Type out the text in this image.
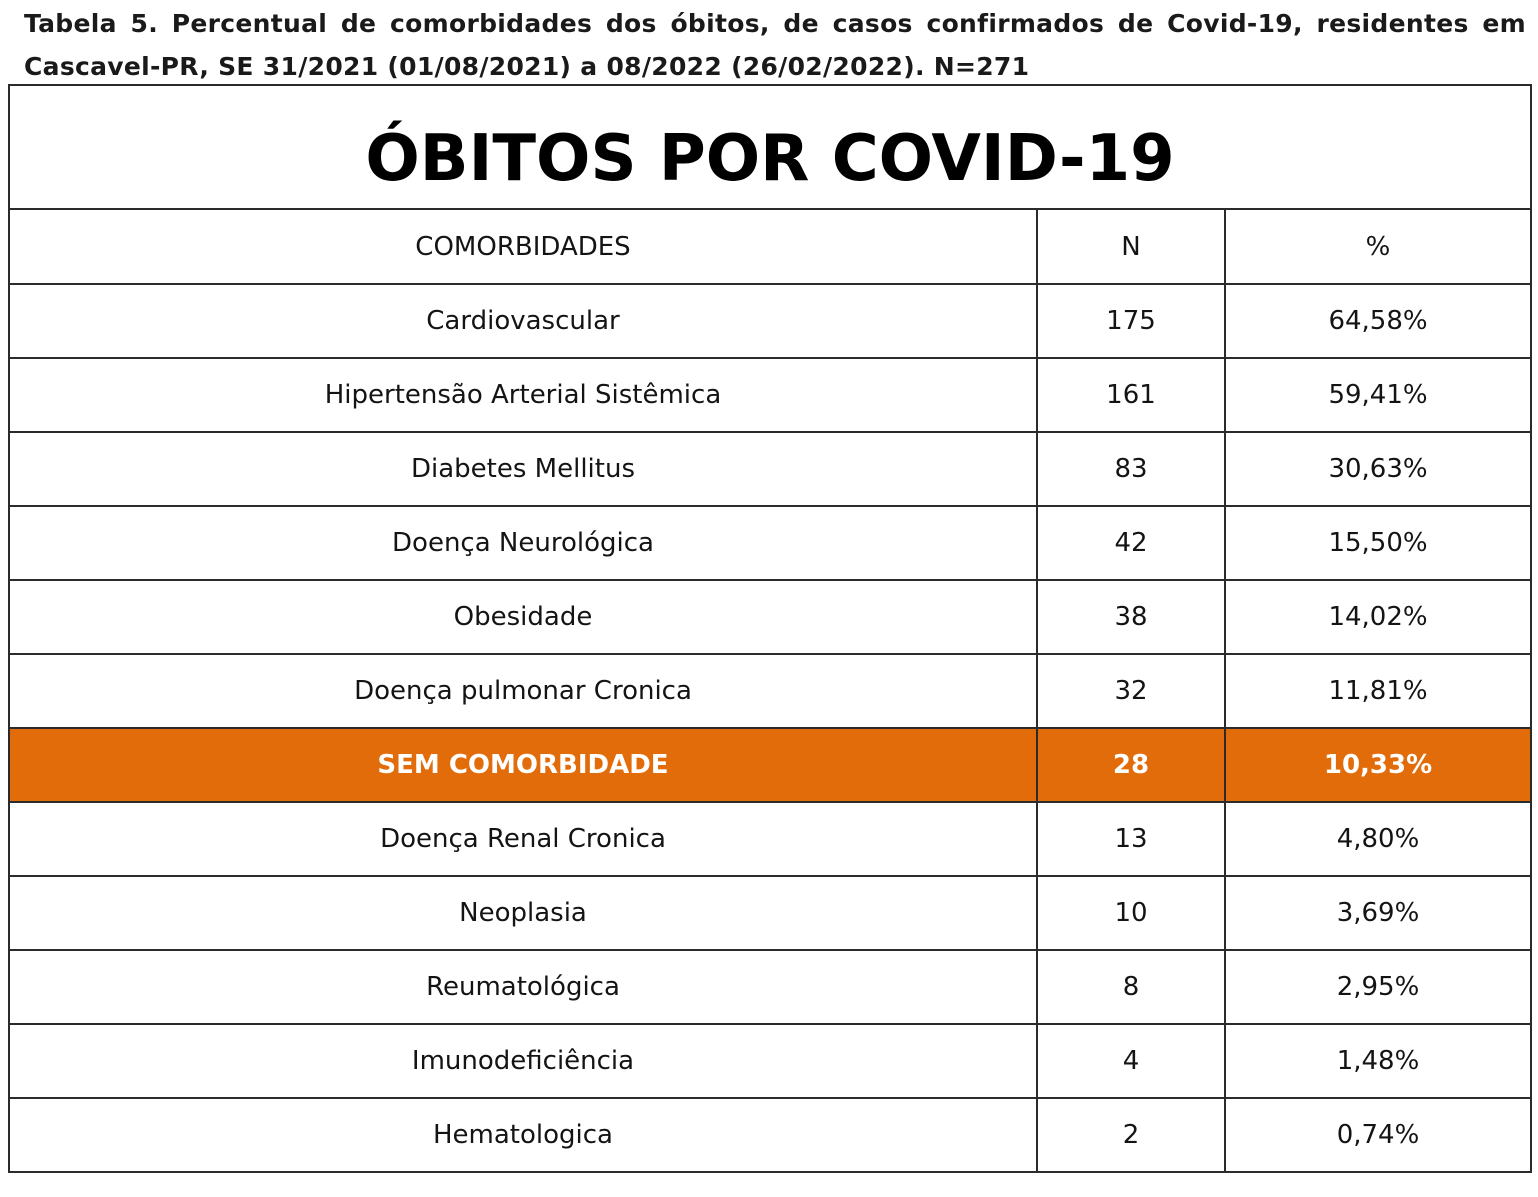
Tabela 5. Percentual de comorbidades dos óbitos, de casos confirmados de Covid-19, residentes em Cascavel-PR, SE 31/2021 (01/08/2021) a 08/2022 (26/02/2022). N=271
ÓBITOS POR COVID-19		
COMORBIDADES	N	%
Cardiovascular	175	64,58%
Hipertensão Arterial Sistêmica	161	59,41%
Diabetes Mellitus	83	30,63%
Doença Neurológica	42	15,50%
Obesidade	38	14,02%
Doença pulmonar Cronica	32	11,81%
SEM COMORBIDADE	28	10,33%
Doença Renal Cronica	13	4,80%
Neoplasia	10	3,69%
Reumatológica	8	2,95%
Imunodeficiência	4	1,48%
Hematologica	2	0,74%
